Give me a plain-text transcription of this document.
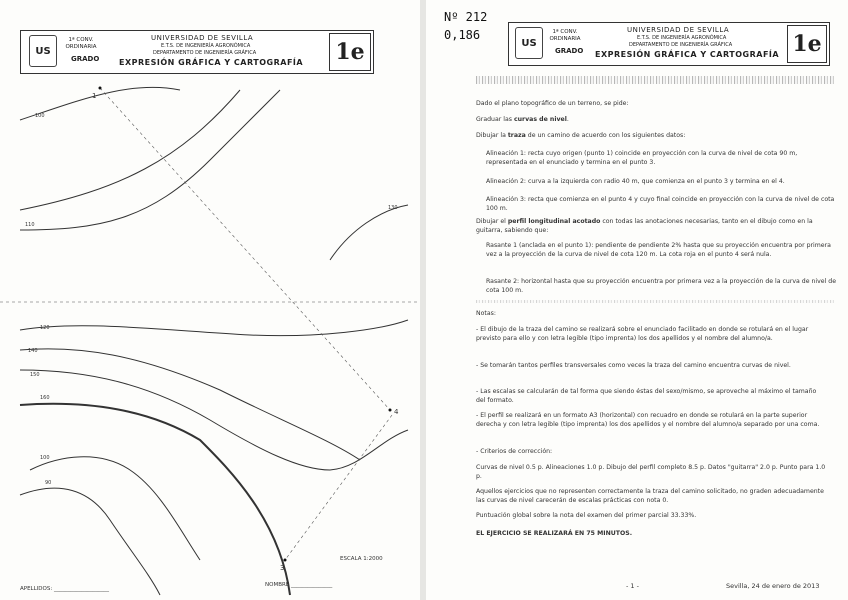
US
1ª CONV.
ORDINARIA
GRADO
UNIVERSIDAD DE SEVILLA
E.T.S. DE INGENIERÍA AGRONÓMICA
DEPARTAMENTO DE INGENIERÍA GRÁFICA
EXPRESIÓN GRÁFICA Y CARTOGRAFÍA 1e
100
110
130
120
140
150
160
100
90
1
4
3
ESCALA 1:2000
APELLIDOS: ____________________
NOMBRE _______________
Nº 212
0,186
US
1ª CONV.
ORDINARIA
GRADO
UNIVERSIDAD DE SEVILLA
E.T.S. DE INGENIERÍA AGRONÓMICA
DEPARTAMENTO DE INGENIERÍA GRÁFICA
EXPRESIÓN GRÁFICA Y CARTOGRAFÍA 1e

Dado el plano topográfico de un terreno, se pide:

Graduar las curvas de nivel.

Dibujar la traza de un camino de acuerdo con los siguientes datos:

Alineación 1: recta cuyo origen (punto 1) coincide en proyección con la curva de nivel de cota 90 m, representada en el enunciado y termina en el punto 3.

Alineación 2: curva a la izquierda con radio 40 m, que comienza en el punto 3 y termina en el 4.

Alineación 3: recta que comienza en el punto 4 y cuyo final coincide en proyección con la curva de nivel de cota 100 m.

Dibujar el perfil longitudinal acotado con todas las anotaciones necesarias, tanto en el dibujo como en la guitarra, sabiendo que:

Rasante 1 (anclada en el punto 1): pendiente de pendiente 2% hasta que su proyección encuentra por primera vez a la proyección de la curva de nivel de cota 120 m. La cota roja en el punto 4 será nula.

Rasante 2: horizontal hasta que su proyección encuentra por primera vez a la proyección de la curva de nivel de cota 100 m.

Notas:

- El dibujo de la traza del camino se realizará sobre el enunciado facilitado en donde se rotulará en el lugar previsto para ello y con letra legible (tipo imprenta) los dos apellidos y el nombre del alumno/a.

- Se tomarán tantos perfiles transversales como veces la traza del camino encuentra curvas de nivel.

- Las escalas se calcularán de tal forma que siendo éstas del sexo/mismo, se aproveche al máximo el tamaño del formato.

- El perfil se realizará en un formato A3 (horizontal) con recuadro en donde se rotulará en la parte superior derecha y con letra legible (tipo imprenta) los dos apellidos y el nombre del alumno/a separado por una coma.

- Criterios de corrección:

Curvas de nivel 0.5 p. Alineaciones 1.0 p. Dibujo del perfil completo 8.5 p. Datos "guitarra" 2.0 p. Punto para 1.0 p.

Aquellos ejercicios que no representen correctamente la traza del camino solicitado, no graden adecuadamente las curvas de nivel carecerán de escalas prácticas con nota 0.

Puntuación global sobre la nota del examen del primer parcial 33.33%.

EL EJERCICIO SE REALIZARÁ EN 75 MINUTOS.

- 1 -	Sevilla, 24 de enero de 2013
